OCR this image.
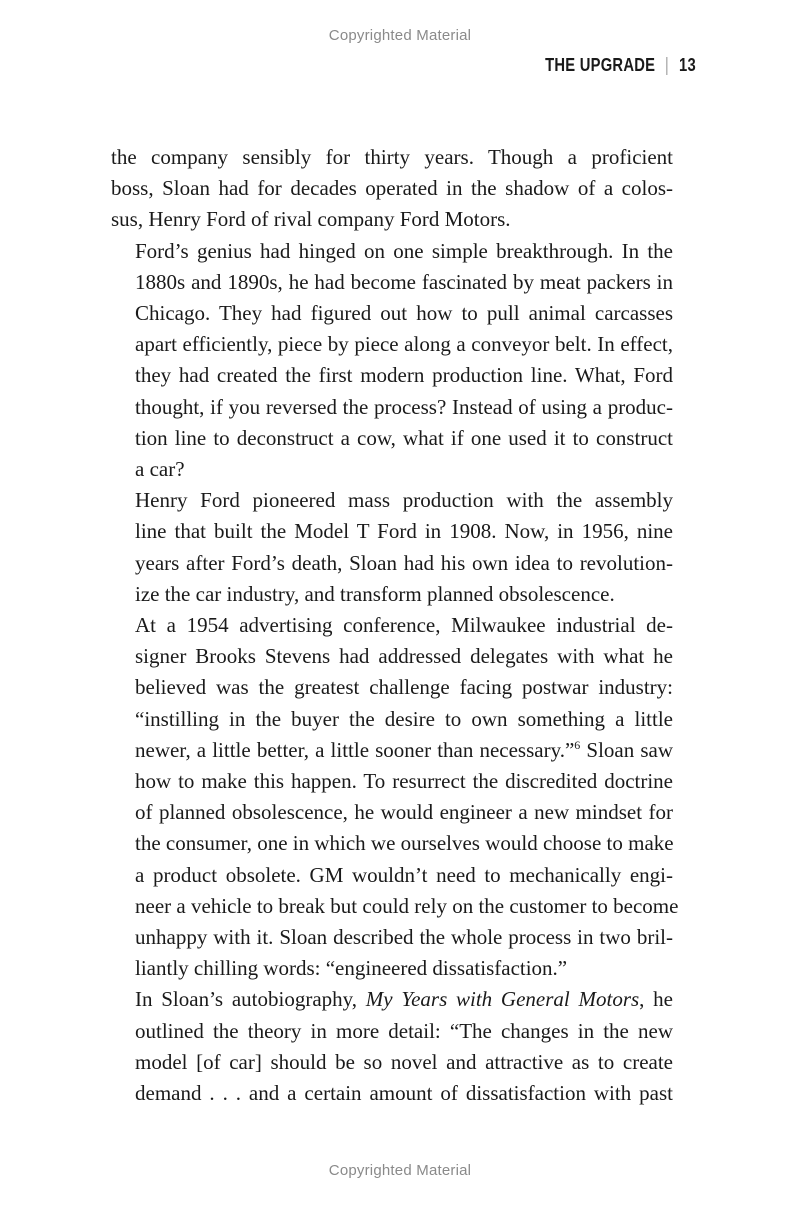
Copyrighted Material
THE UPGRADE 13

the company sensibly for thirty years. Though a proficient
boss, Sloan had for decades operated in the shadow of a colos-
sus, Henry Ford of rival company Ford Motors.

Ford’s genius had hinged on one simple breakthrough. In the
1880s and 1890s, he had become fascinated by meat packers in
Chicago. They had figured out how to pull animal carcasses
apart efficiently, piece by piece along a conveyor belt. In effect,
they had created the first modern production line. What, Ford
thought, if you reversed the process? Instead of using a produc-
tion line to deconstruct a cow, what if one used it to construct
a car?

Henry Ford pioneered mass production with the assembly
line that built the Model T Ford in 1908. Now, in 1956, nine
years after Ford’s death, Sloan had his own idea to revolution-
ize the car industry, and transform planned obsolescence.

At a 1954 advertising conference, Milwaukee industrial de-
signer Brooks Stevens had addressed delegates with what he
believed was the greatest challenge facing postwar industry:
“instilling in the buyer the desire to own something a little
newer, a little better, a little sooner than necessary.”$^6$ Sloan saw
how to make this happen. To resurrect the discredited doctrine
of planned obsolescence, he would engineer a new mindset for
the consumer, one in which we ourselves would choose to make
a product obsolete. GM wouldn’t need to mechanically engi-
neer a vehicle to break but could rely on the customer to become
unhappy with it. Sloan described the whole process in two bril-
liantly chilling words: “engineered dissatisfaction.”

In Sloan’s autobiography, My Years with General Motors, he
outlined the theory in more detail: “The changes in the new
model [of car] should be so novel and attractive as to create
demand . . . and a certain amount of dissatisfaction with past

Copyrighted Material
